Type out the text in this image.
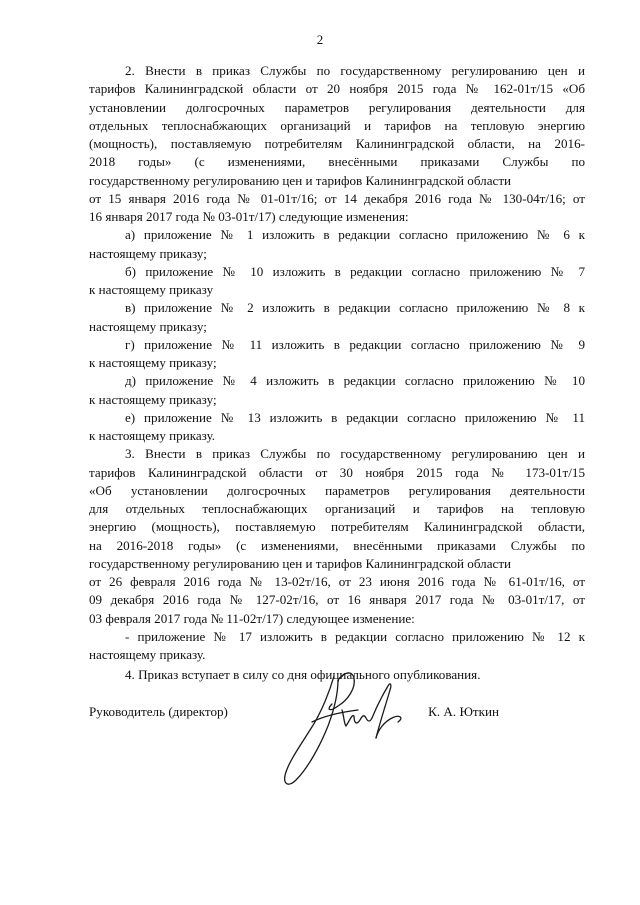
2
2. Внести в приказ Службы по государственному регулированию цен и
тарифов Калининградской области от 20 ноября 2015 года № 162-01т/15 «Об
установлении долгосрочных параметров регулирования деятельности для
отдельных теплоснабжающих организаций и тарифов на тепловую энергию
(мощность), поставляемую потребителям Калининградской области, на 2016-
2018 годы» (с изменениями, внесёнными приказами Службы по
государственному регулированию цен и тарифов Калининградской области
от 15 января 2016 года № 01-01т/16; от 14 декабря 2016 года № 130-04т/16; от
16 января 2017 года № 03-01т/17) следующие изменения:
а) приложение № 1 изложить в редакции согласно приложению № 6 к
настоящему приказу;
б) приложение № 10 изложить в редакции согласно приложению № 7
к настоящему приказу
в) приложение № 2 изложить в редакции согласно приложению № 8 к
настоящему приказу;
г) приложение № 11 изложить в редакции согласно приложению № 9
к настоящему приказу;
д) приложение № 4 изложить в редакции согласно приложению № 10
к настоящему приказу;
е) приложение № 13 изложить в редакции согласно приложению № 11
к настоящему приказу.
3. Внести в приказ Службы по государственному регулированию цен и
тарифов Калининградской области от 30 ноября 2015 года № 173-01т/15
«Об установлении долгосрочных параметров регулирования деятельности
для отдельных теплоснабжающих организаций и тарифов на тепловую
энергию (мощность), поставляемую потребителям Калининградской области,
на 2016-2018 годы» (с изменениями, внесёнными приказами Службы по
государственному регулированию цен и тарифов Калининградской области
от 26 февраля 2016 года № 13-02т/16, от 23 июня 2016 года № 61-01т/16, от
09 декабря 2016 года № 127-02т/16, от 16 января 2017 года № 03-01т/17, от
03 февраля 2017 года № 11-02т/17) следующее изменение:
- приложение № 17 изложить в редакции согласно приложению № 12 к
настоящему приказу.
4. Приказ вступает в силу со дня официального опубликования.
Руководитель (директор)	К. А. Юткин
